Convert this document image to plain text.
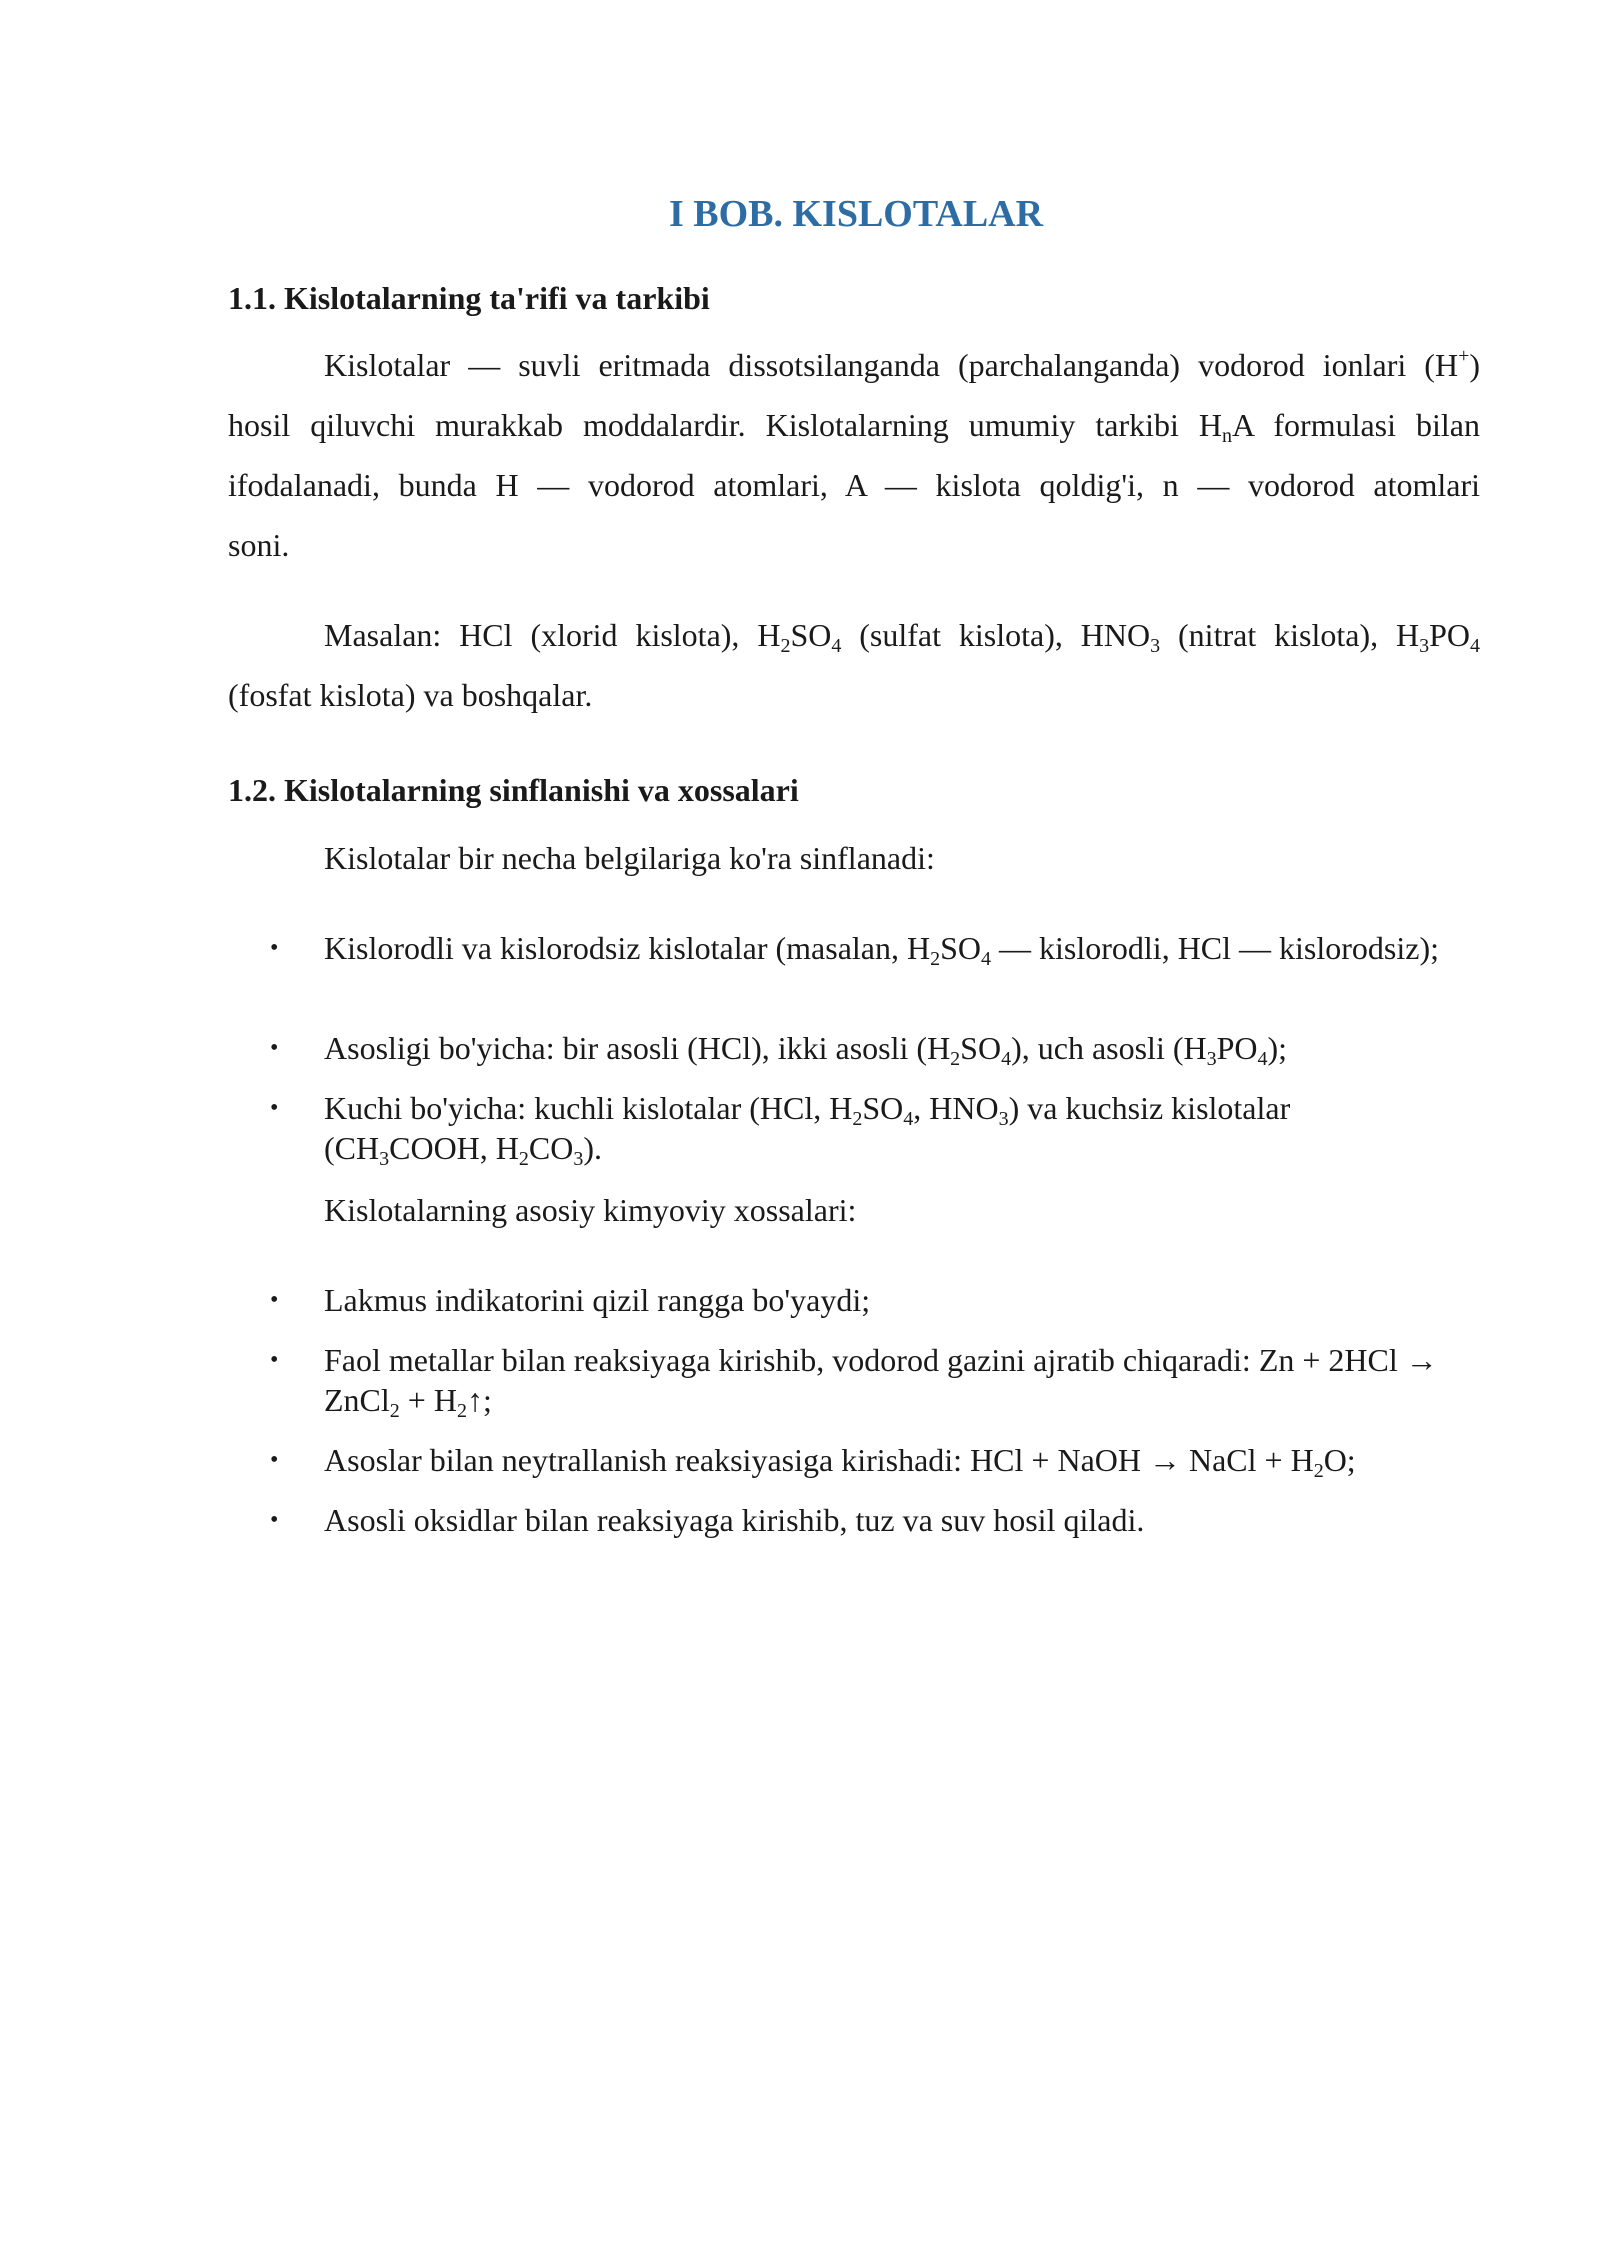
I BOB. KISLOTALAR
1.1. Kislotalarning ta'rifi va tarkibi

Kislotalar — suvli eritmada dissotsilanganda (parchalanganda) vodorod ionlari (H+)

hosil qiluvchi murakkab moddalardir. Kislotalarning umumiy tarkibi $H_nA$ formulasi bilan

ifodalanadi, bunda H — vodorod atomlari, A — kislota qoldig'i, n — vodorod atomlari

soni.

Masalan: HCl (xlorid kislota), $H_2SO_4$ (sulfat kislota), $HNO_3$ (nitrat kislota), $H_3PO_4$

(fosfat kislota) va boshqalar.

1.2. Kislotalarning sinflanishi va xossalari

Kislotalar bir necha belgilariga ko'ra sinflanadi:

•	Kislorodli va kislorodsiz kislotalar (masalan, $H_2SO_4$ — kislorodli, HCl — kislorodsiz);
•	Asosligi bo'yicha: bir asosli (HCl), ikki asosli $(H_2SO_4)$, uch asosli $(H_3PO_4)$;
•	Kuchi bo'yicha: kuchli kislotalar (HCl, $H_2SO_4$, $HNO_3$) va kuchsiz kislotalar ($CH_3COOH$, $H_2CO_3$).

Kislotalarning asosiy kimyoviy xossalari:

•	Lakmus indikatorini qizil rangga bo'yaydi;
•	Faol metallar bilan reaksiyaga kirishib, vodorod gazini ajratib chiqaradi: Zn + 2HCl → ZnCl$_2$ + $H_2↑$;
•	Asoslar bilan neytrallanish reaksiyasiga kirishadi: HCl + NaOH → NaCl + $H_2O$;
•	Asosli oksidlar bilan reaksiyaga kirishib, tuz va suv hosil qiladi.
